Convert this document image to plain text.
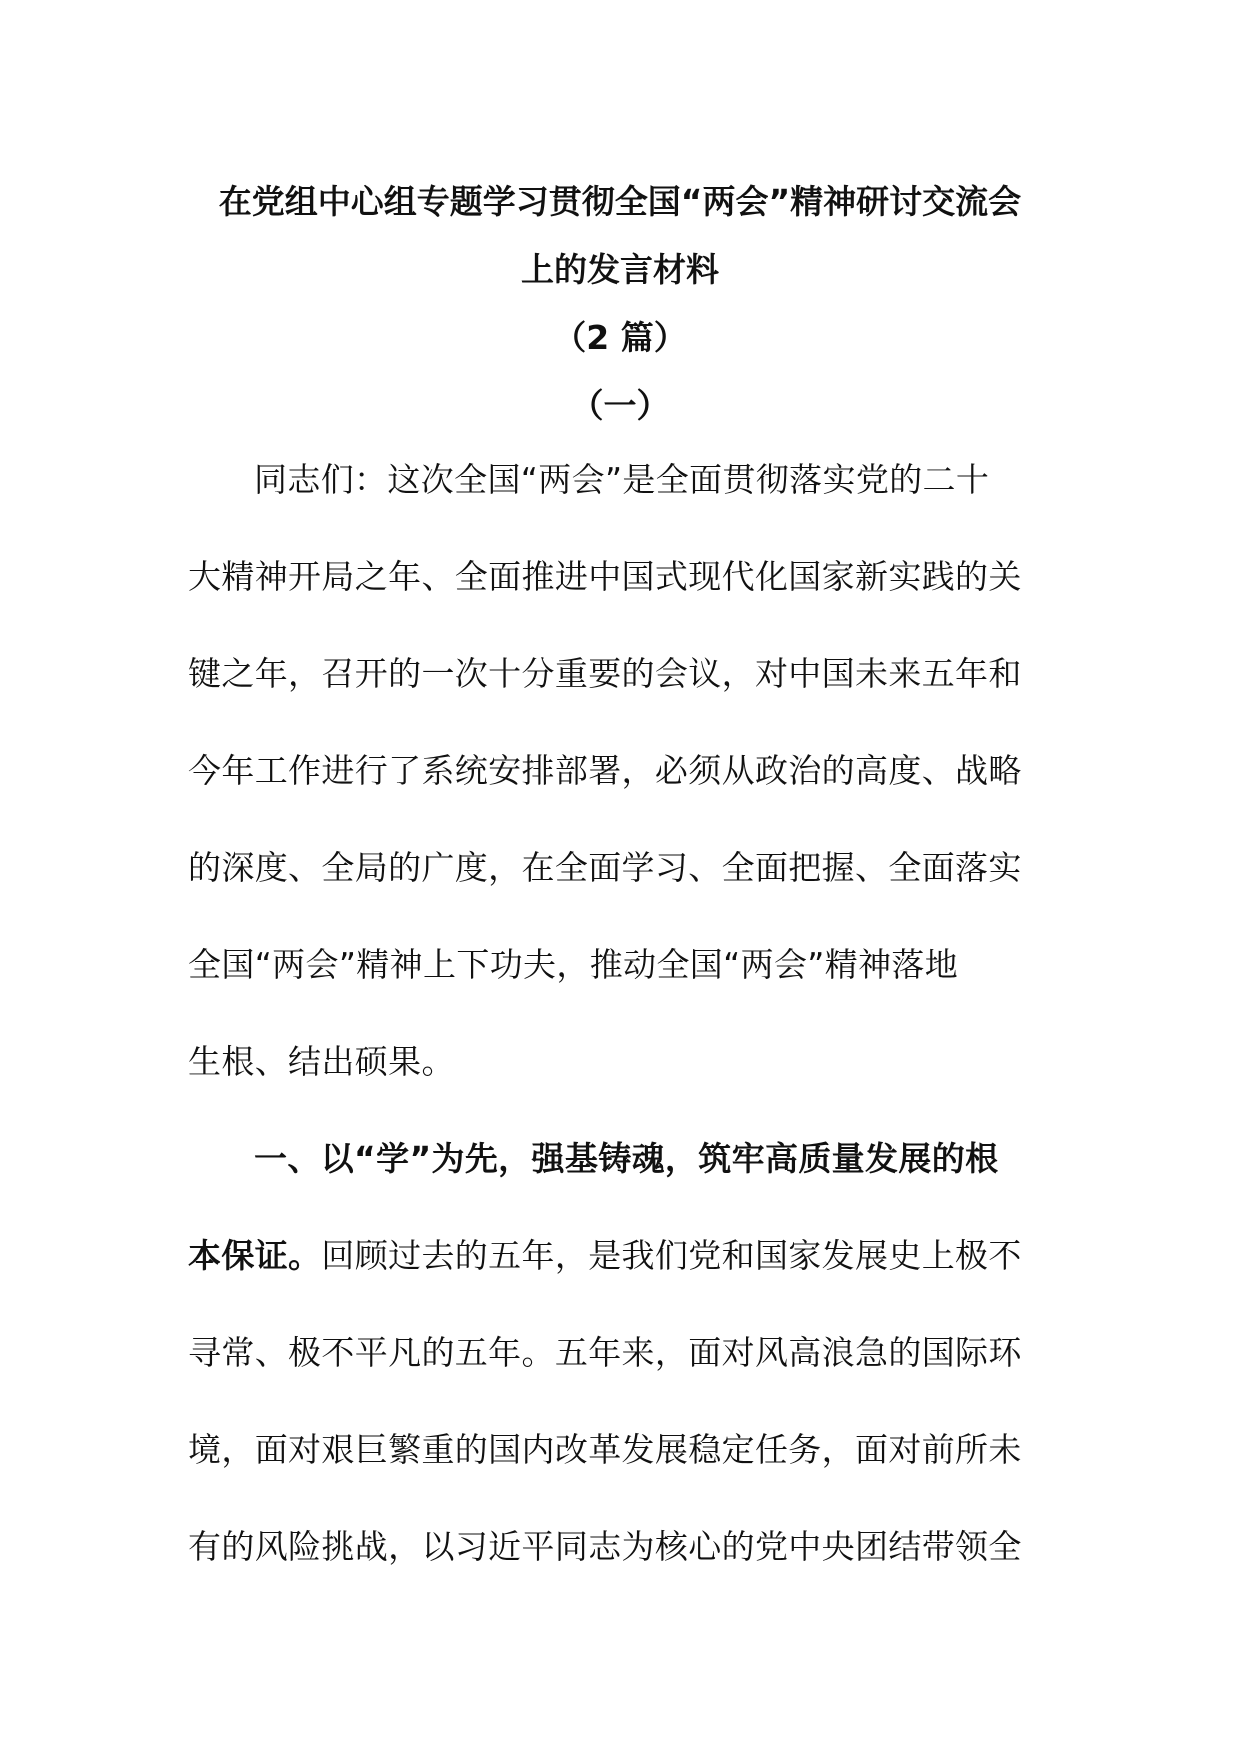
在党组中心组专题学习贯彻全国“两会”精神研讨交流会
上的发言材料
（2 篇）
（一）
同志们：这次全国“两会”是全面贯彻落实党的二十
大精神开局之年、全面推进中国式现代化国家新实践的关
键之年，召开的一次十分重要的会议，对中国未来五年和
今年工作进行了系统安排部署，必须从政治的高度、战略
的深度、全局的广度，在全面学习、全面把握、全面落实
全国“两会”精神上下功夫，推动全国“两会”精神落地
生根、结出硕果。
一、以“学”为先，强基铸魂，筑牢高质量发展的根
本保证。回顾过去的五年，是我们党和国家发展史上极不
寻常、极不平凡的五年。五年来，面对风高浪急的国际环
境，面对艰巨繁重的国内改革发展稳定任务，面对前所未
有的风险挑战，以习近平同志为核心的党中央团结带领全
